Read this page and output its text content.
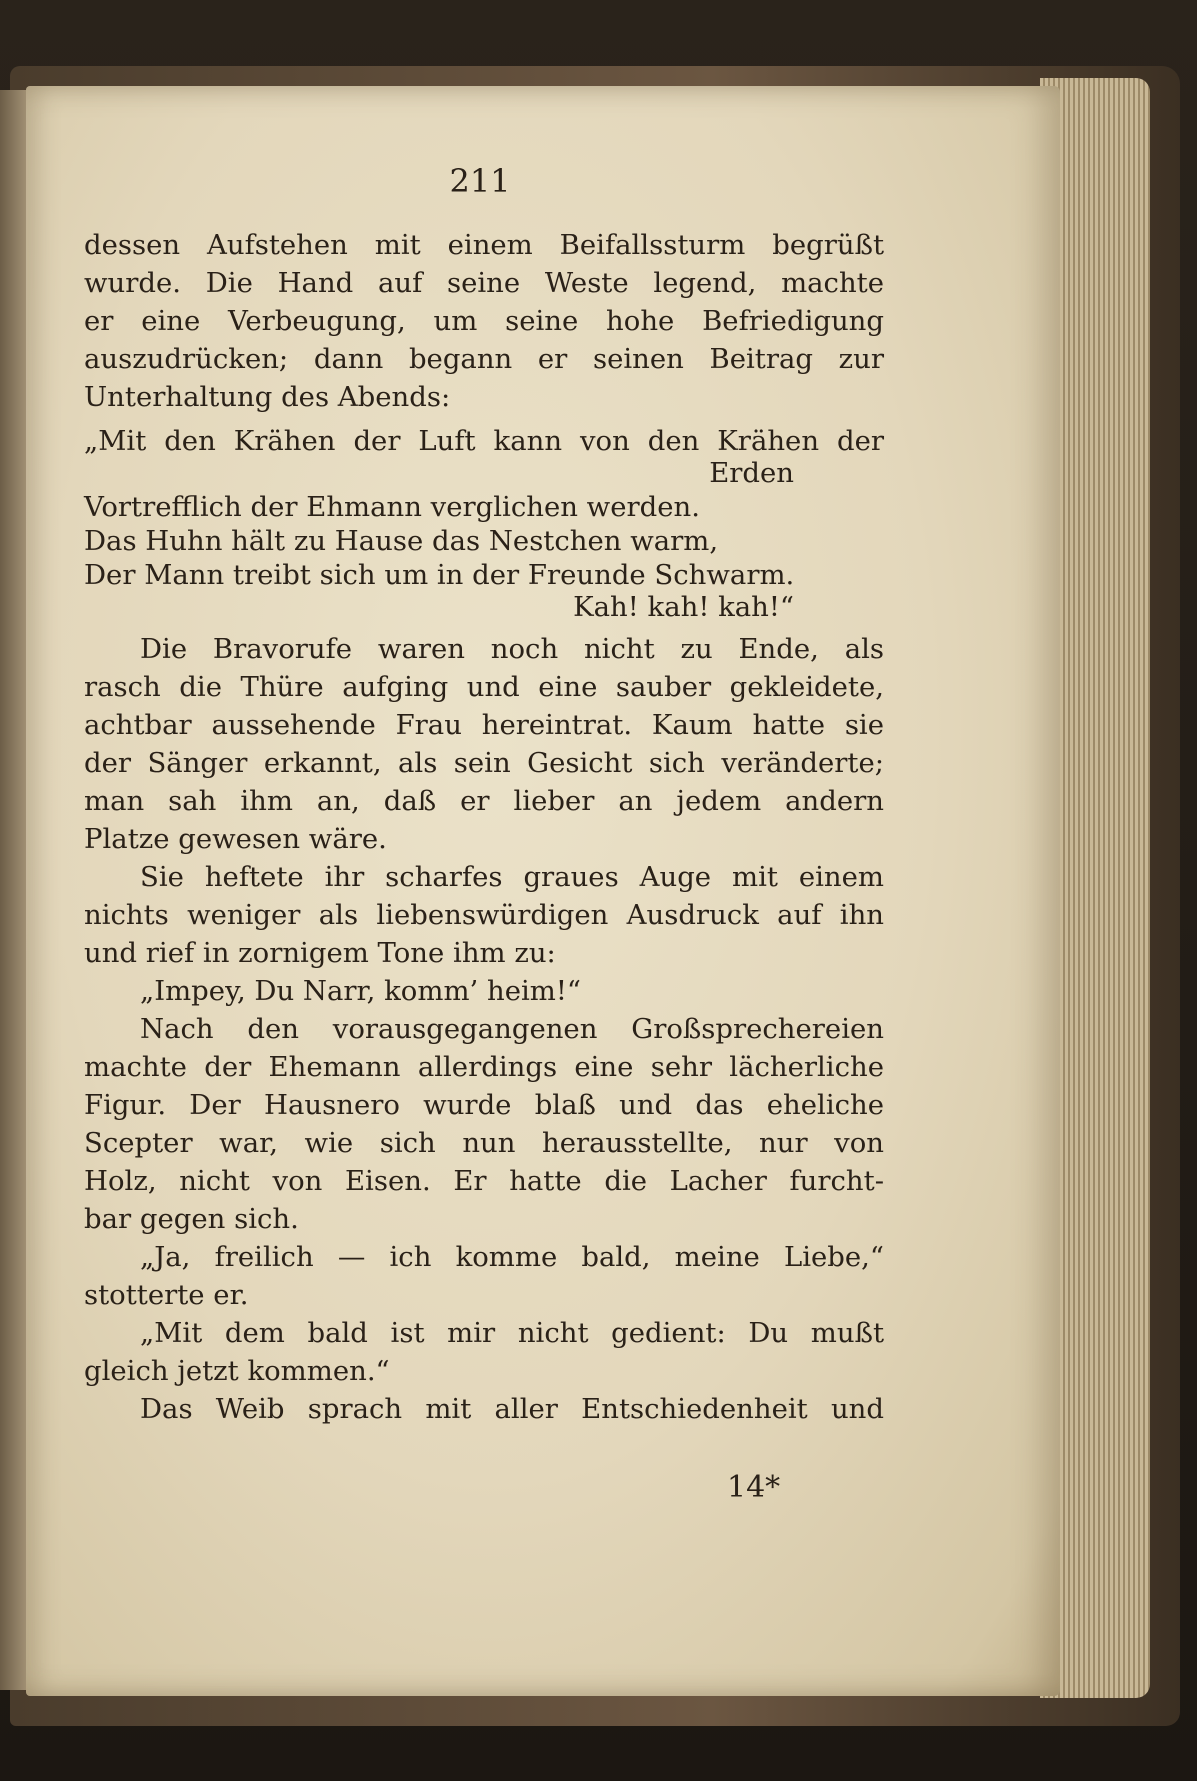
211
dessen Aufstehen mit einem Beifallssturm begrüßt
wurde. Die Hand auf seine Weste legend, machte
er eine Verbeugung, um seine hohe Befriedigung
auszudrücken; dann begann er seinen Beitrag zur
Unterhaltung des Abends:
„Mit den Krähen der Luft kann von den Krähen der
Erden
Vortrefflich der Ehmann verglichen werden.
Das Huhn hält zu Hause das Nestchen warm,
Der Mann treibt sich um in der Freunde Schwarm.
Kah! kah! kah!“
Die Bravorufe waren noch nicht zu Ende, als
rasch die Thüre aufging und eine sauber gekleidete,
achtbar aussehende Frau hereintrat. Kaum hatte sie
der Sänger erkannt, als sein Gesicht sich veränderte;
man sah ihm an, daß er lieber an jedem andern
Platze gewesen wäre.
Sie heftete ihr scharfes graues Auge mit einem
nichts weniger als liebenswürdigen Ausdruck auf ihn
und rief in zornigem Tone ihm zu:
„Impey, Du Narr, komm’ heim!“
Nach den vorausgegangenen Großsprechereien
machte der Ehemann allerdings eine sehr lächerliche
Figur. Der Hausnero wurde blaß und das eheliche
Scepter war, wie sich nun herausstellte, nur von
Holz, nicht von Eisen. Er hatte die Lacher furcht-
bar gegen sich.
„Ja, freilich — ich komme bald, meine Liebe,“
stotterte er.
„Mit dem bald ist mir nicht gedient: Du mußt
gleich jetzt kommen.“
Das Weib sprach mit aller Entschiedenheit und
14*
